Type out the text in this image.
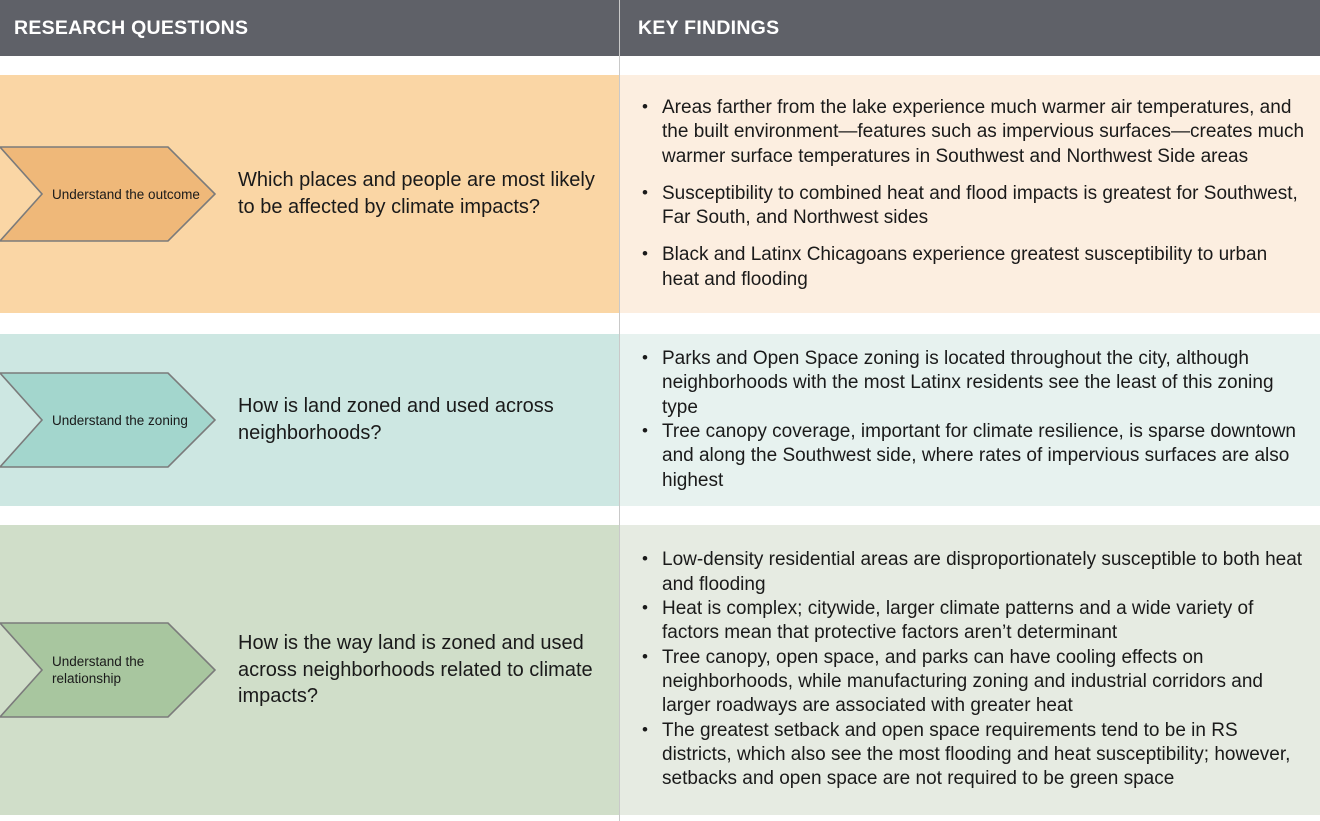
RESEARCH QUESTIONS	KEY FINDINGS
Understand the outcome
Which places and people are most likely to be affected by climate impacts?
• Areas farther from the lake experience much warmer air temperatures, and the built environment—features such as impervious surfaces—creates much warmer surface temperatures in Southwest and Northwest Side areas
• Susceptibility to combined heat and flood impacts is greatest for Southwest, Far South, and Northwest sides
• Black and Latinx Chicagoans experience greatest susceptibility to urban heat and flooding
Understand the zoning
How is land zoned and used across neighborhoods?
• Parks and Open Space zoning is located throughout the city, although neighborhoods with the most Latinx residents see the least of this zoning type
• Tree canopy coverage, important for climate resilience, is sparse downtown and along the Southwest side, where rates of impervious surfaces are also highest
Understand the relationship
How is the way land is zoned and used across neighborhoods related to climate impacts?
• Low-density residential areas are disproportionately susceptible to both heat and flooding
• Heat is complex; citywide, larger climate patterns and a wide variety of factors mean that protective factors aren’t determinant
• Tree canopy, open space, and parks can have cooling effects on neighborhoods, while manufacturing zoning and industrial corridors and larger roadways are associated with greater heat
• The greatest setback and open space requirements tend to be in RS districts, which also see the most flooding and heat susceptibility; however, setbacks and open space are not required to be green space
